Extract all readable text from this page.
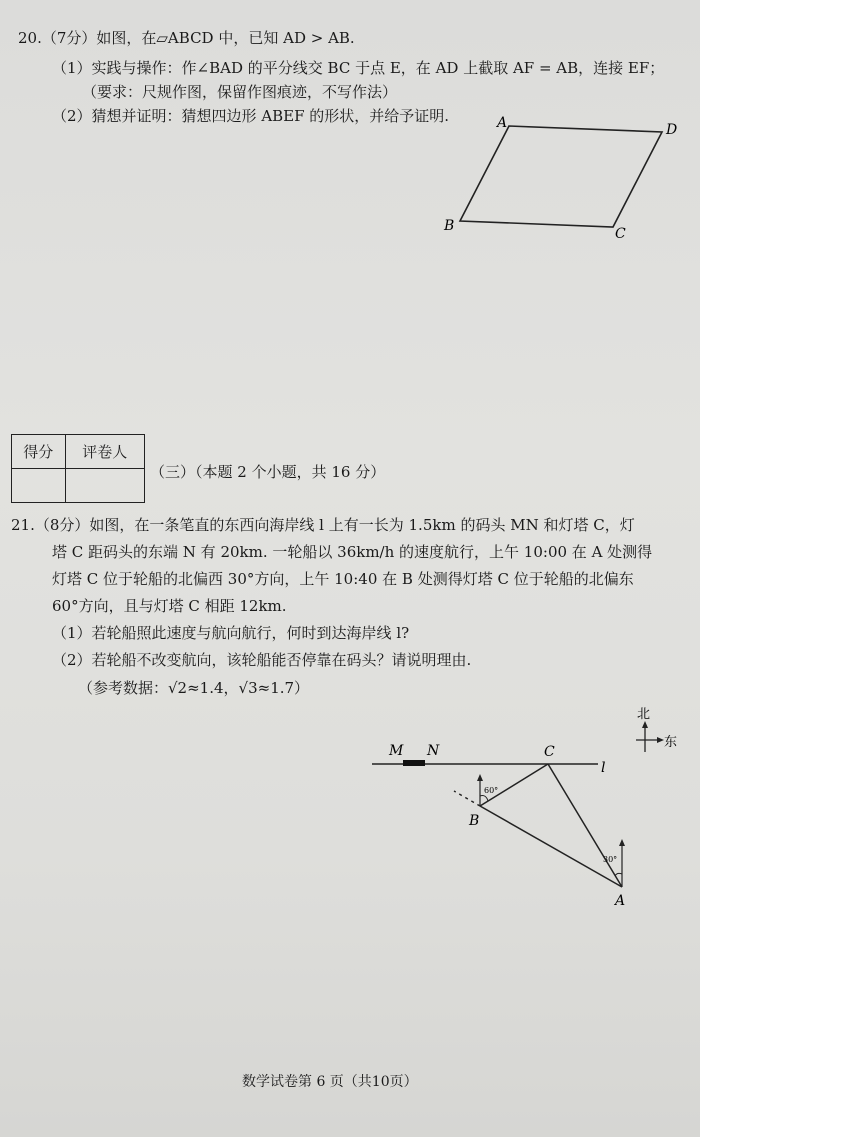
20.（7分）如图，在▱ABCD 中，已知 AD > AB.
（1）实践与操作：作∠BAD 的平分线交 BC 于点 E，在 AD 上截取 AF = AB，连接 EF；
（要求：尺规作图，保留作图痕迹，不写作法）
（2）猜想并证明：猜想四边形 ABEF 的形状，并给予证明.	A	D
B	C
M N	C
l
60°
B
30°
A
北
东
得分	评卷人

（三）（本题 2 个小题，共 16 分）
21.（8分）如图，在一条笔直的东西向海岸线 l 上有一长为 1.5km 的码头 MN 和灯塔 C，灯
塔 C 距码头的东端 N 有 20km. 一轮船以 36km/h 的速度航行，上午 10:00 在 A 处测得
灯塔 C 位于轮船的北偏西 30°方向，上午 10:40 在 B 处测得灯塔 C 位于轮船的北偏东
60°方向，且与灯塔 C 相距 12km.
（1）若轮船照此速度与航向航行，何时到达海岸线 l?
（2）若轮船不改变航向，该轮船能否停靠在码头？请说明理由.
（参考数据：√2≈1.4，√3≈1.7）
数学试卷第 6 页（共10页）
